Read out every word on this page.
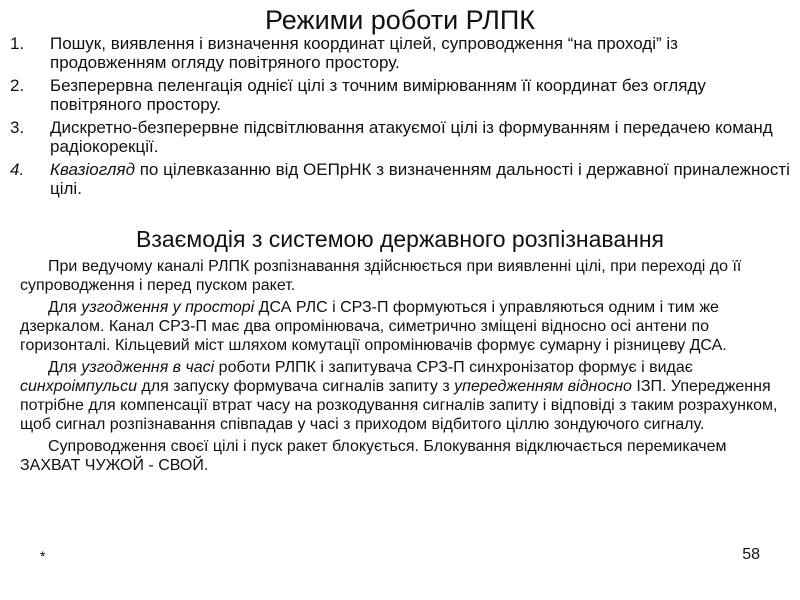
Режими роботи РЛПК
1.	Пошук, виявлення і визначення координат цілей, супроводження “на проході” із продовженням огляду повітряного простору.
2.	Безперервна пеленгація однієї цілі з точним вимірюванням її координат без огляду повітряного простору.
3.	Дискретно-безперервне підсвітлювання атакуємої цілі із формуванням і передачею команд радіокорекції.
4.	Квазіогляд по цілевказанню від ОЕПрНК з визначенням дальності і державної приналежності цілі.
Взаємодія з системою державного розпізнавання

При ведучому каналі РЛПК розпізнавання здійснюється при виявленні цілі, при переході до її супроводження і перед пуском ракет.

Для узгодження у просторі ДСА РЛС і СРЗ-П формуються і управляються одним і тим же дзеркалом. Канал СРЗ-П має два опромінювача, симетрично зміщені відносно осі антени по горизонталі. Кільцевий міст шляхом комутації опромінювачів формує сумарну і різницеву ДСА.

Для узгодження в часі роботи РЛПК і запитувача СРЗ-П синхронізатор формує і видає синхроімпульси для запуску формувача сигналів запиту з упередженням відносно ІЗП. Упередження потрібне для компенсації втрат часу на розкодування сигналів запиту і відповіді з таким розрахунком, щоб сигнал розпізнавання співпадав у часі з приходом відбитого ціллю зондуючого сигналу.

Супроводження своєї цілі і пуск ракет блокується. Блокування відключається перемикачем ЗАХВАТ ЧУЖОЙ - СВОЙ.

*	58
